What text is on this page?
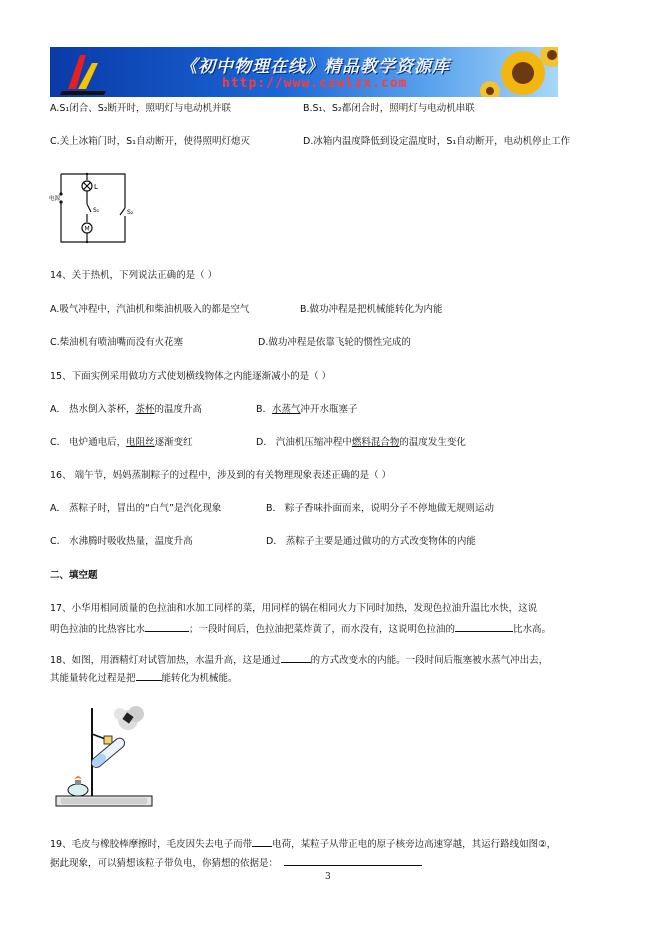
《初中物理在线》精品教学资源库
http://www.czwlzx.com
A.S₁闭合、S₂断开时，照明灯与电动机并联	B.S₁、S₂都闭合时，照明灯与电动机串联
C.关上冰箱门时，S₁自动断开，使得照明灯熄灭	D.冰箱内温度降低到设定温度时，S₁自动断开，电动机停止工作
电源
L
S₁	S₂
M
14、关于热机，下列说法正确的是（ ）
A.吸气冲程中，汽油机和柴油机吸入的都是空气	B.做功冲程是把机械能转化为内能
C.柴油机有喷油嘴而没有火花塞	D.做功冲程是依靠飞轮的惯性完成的
15、下面实例采用做功方式使划横线物体之内能逐渐减小的是（ ）
A． 热水倒入茶杯，茶杯的温度升高	B．水蒸气冲开水瓶塞子
C． 电炉通电后，电阻丝逐渐变红	D． 汽油机压缩冲程中燃料混合物的温度发生变化
16、 端午节，妈妈蒸制粽子的过程中，涉及到的有关物理现象表述正确的是（ ）
A． 蒸粽子时，冒出的“白气”是汽化现象	B． 粽子香味扑面而来，说明分子不停地做无规则运动
C． 水沸腾时吸收热量，温度升高	D． 蒸粽子主要是通过做功的方式改变物体的内能
二、填空题
17、小华用相同质量的色拉油和水加工同样的菜，用同样的锅在相同火力下同时加热，发现色拉油升温比水快，这说
明色拉油的比热容比水	；一段时间后，色拉油把菜炸黄了，而水没有，这说明色拉油的	比水高。
18、如图，用酒精灯对试管加热，水温升高，这是通过	的方式改变水的内能。一段时间后瓶塞被水蒸气冲出去，
其能量转化过程是把	能转化为机械能。
19、毛皮与橡胶棒摩擦时，毛皮因失去电子而带 电荷，某粒子从带正电的原子核旁边高速穿越，其运行路线如图②，
据此现象，可以猜想该粒子带负电，你猜想的依据是：
3
